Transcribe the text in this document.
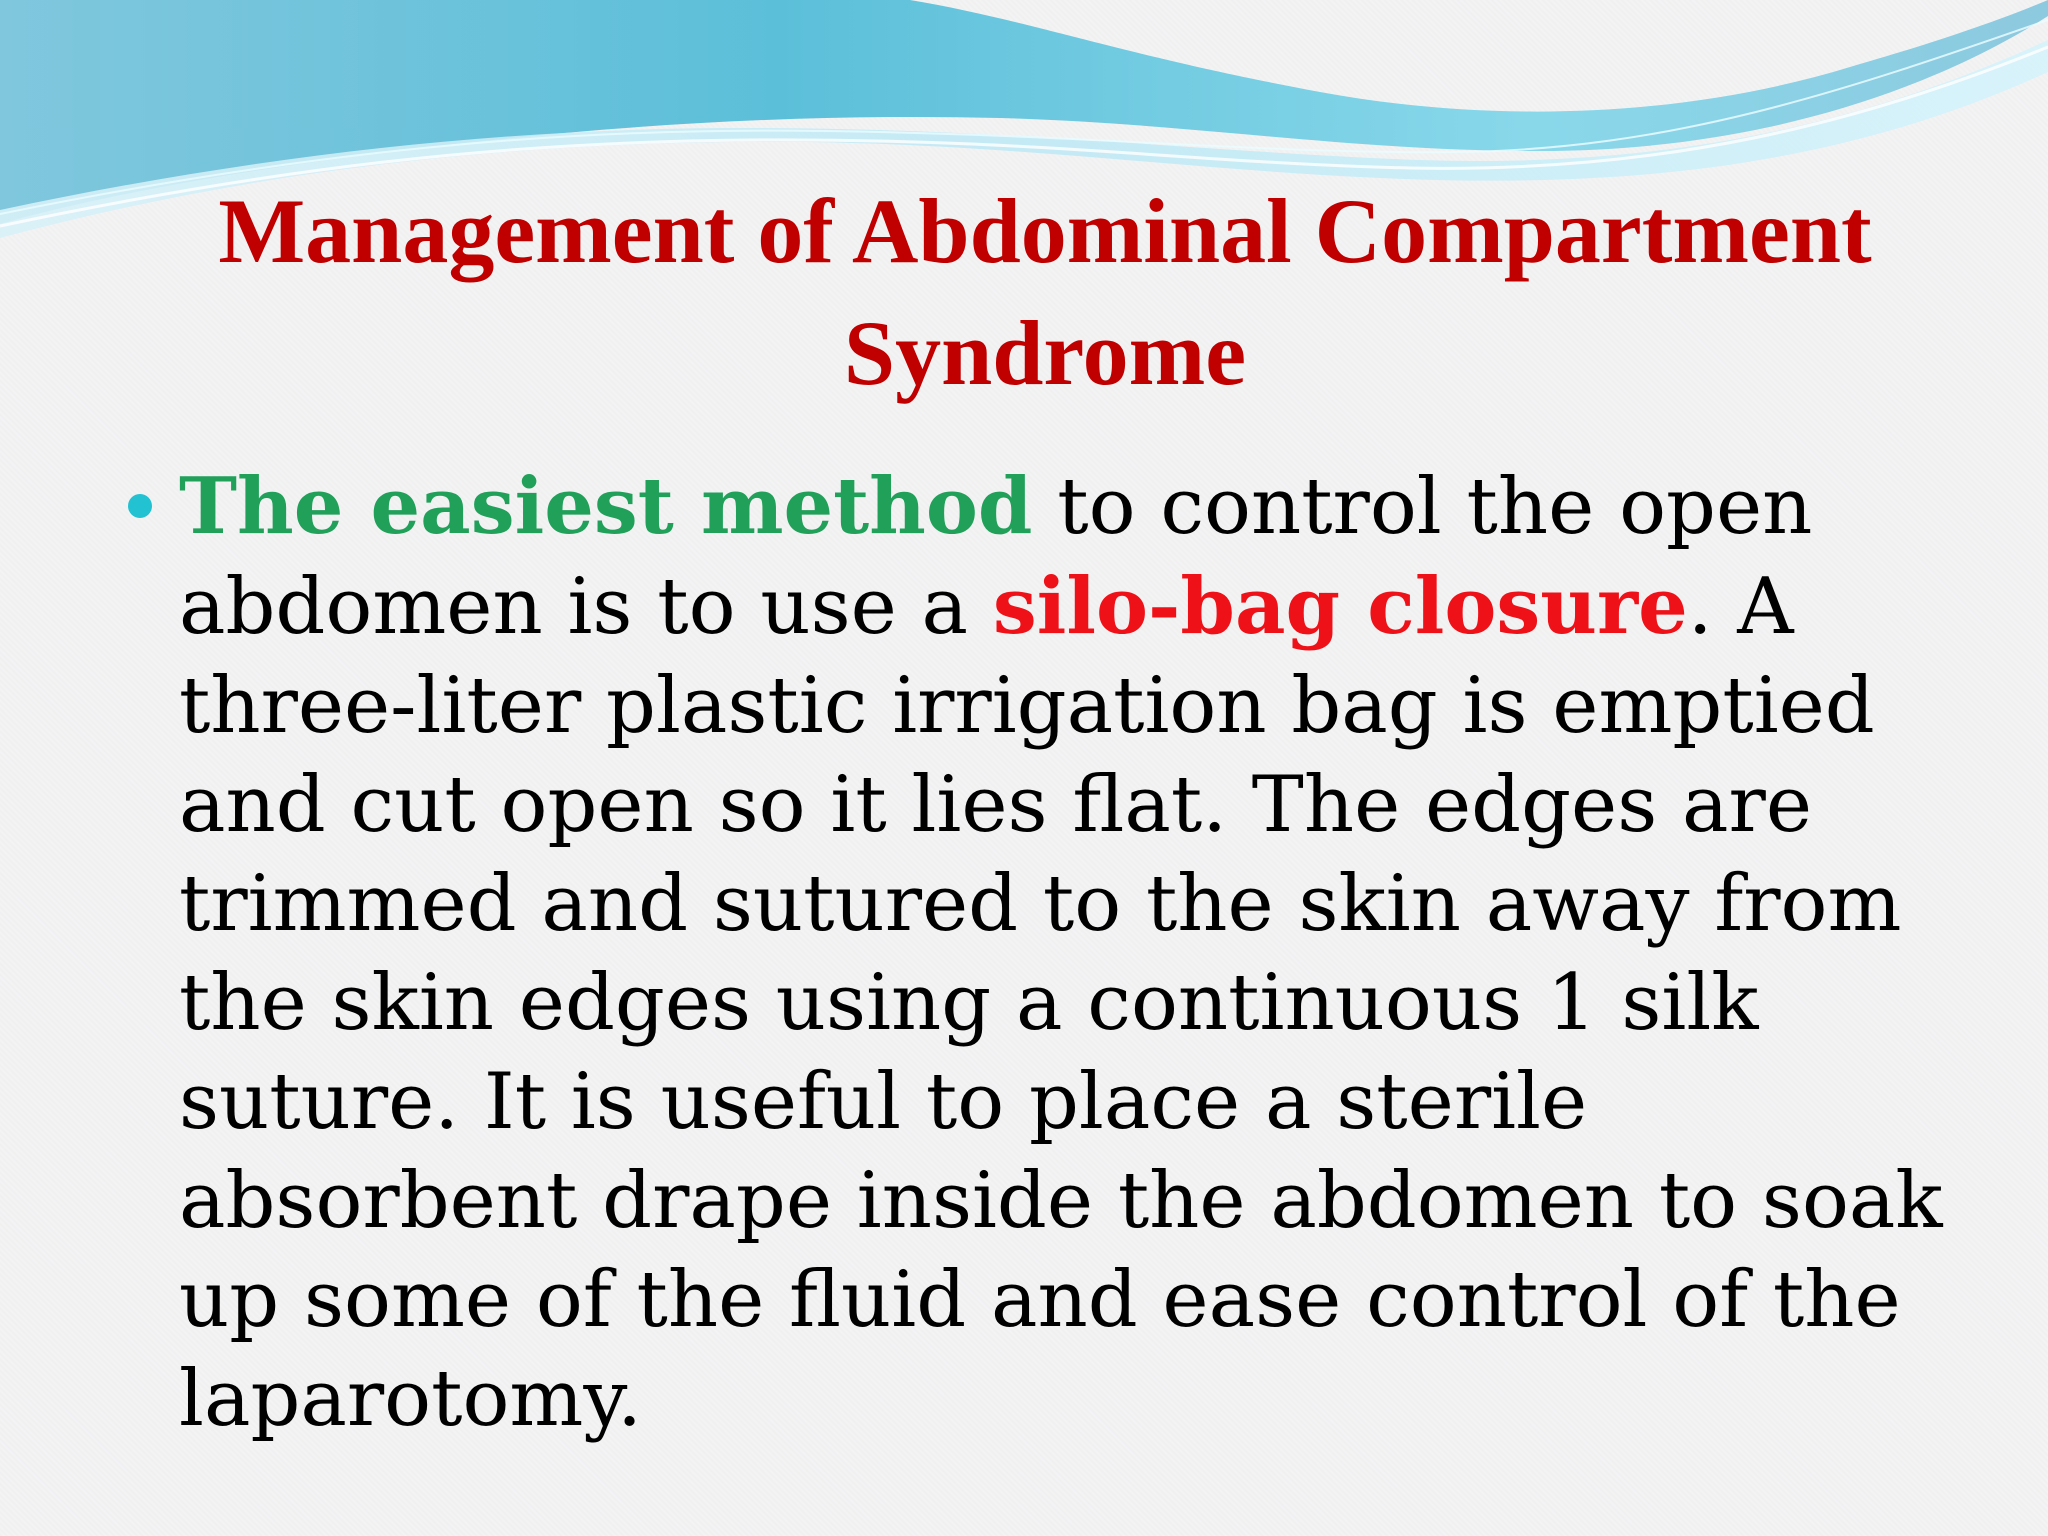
Management of Abdominal Compartment
Syndrome
The easiest method to control the open
abdomen is to use a silo-bag closure. A
three-liter plastic irrigation bag is emptied
and cut open so it lies flat. The edges are
trimmed and sutured to the skin away from
the skin edges using a continuous 1 silk
suture. It is useful to place a sterile
absorbent drape inside the abdomen to soak
up some of the fluid and ease control of the
laparotomy.
